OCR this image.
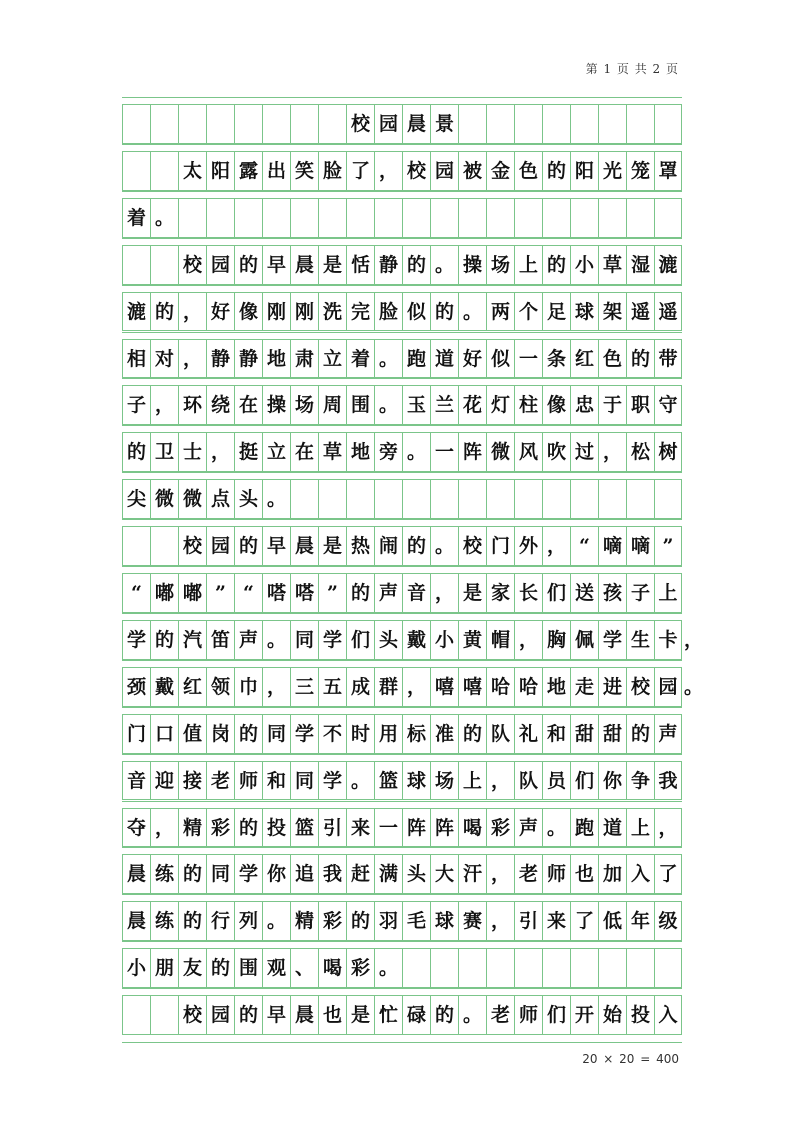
第 1 页 共 2 页
校 园 晨 景
太 阳 露 出 笑 脸 了 ， 校 园 被 金 色 的 阳 光 笼 罩
着 。
校 园 的 早 晨 是 恬 静 的 。 操 场 上 的 小 草 湿 漉
漉 的 ， 好 像 刚 刚 洗 完 脸 似 的 。 两 个 足 球 架 遥 遥
相 对 ， 静 静 地 肃 立 着 。 跑 道 好 似 一 条 红 色 的 带
子 ， 环 绕 在 操 场 周 围 。 玉 兰 花 灯 柱 像 忠 于 职 守
的 卫 士 ， 挺 立 在 草 地 旁 。 一 阵 微 风 吹 过 ， 松 树
尖 微 微 点 头 。
校 园 的 早 晨 是 热 闹 的 。 校 门 外 ， “ 嘀 嘀 ”
“ 嘟 嘟 ” “ 嗒 嗒 ” 的 声 音 ， 是 家 长 们 送 孩 子 上
学 的 汽 笛 声 。 同 学 们 头 戴 小 黄 帽 ， 胸 佩 学 生 卡 ，
颈 戴 红 领 巾 ， 三 五 成 群 ， 嘻 嘻 哈 哈 地 走 进 校 园 。
门 口 值 岗 的 同 学 不 时 用 标 准 的 队 礼 和 甜 甜 的 声
音 迎 接 老 师 和 同 学 。 篮 球 场 上 ， 队 员 们 你 争 我
夺 ， 精 彩 的 投 篮 引 来 一 阵 阵 喝 彩 声 。 跑 道 上 ，
晨 练 的 同 学 你 追 我 赶 满 头 大 汗 ， 老 师 也 加 入 了
晨 练 的 行 列 。 精 彩 的 羽 毛 球 赛 ， 引 来 了 低 年 级
小 朋 友 的 围 观 、 喝 彩 。
校 园 的 早 晨 也 是 忙 碌 的 。 老 师 们 开 始 投 入
20 × 20 = 400
